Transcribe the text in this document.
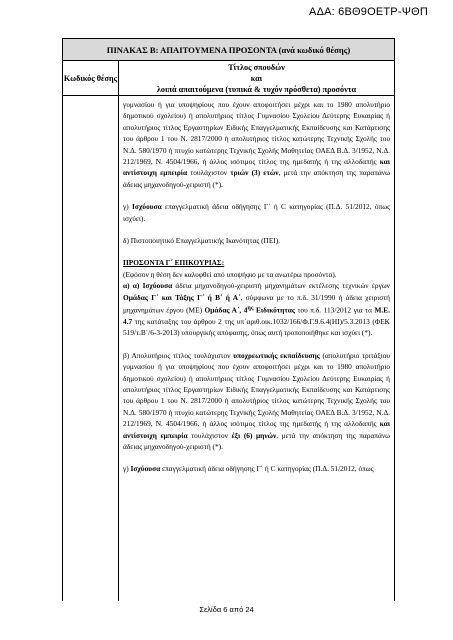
ΑΔΑ: 6ΒΘ9ΟΕΤΡ-ΨΘΠ
ΠΙΝΑΚΑΣ Β: ΑΠΑΙΤΟΥΜΕΝΑ ΠΡΟΣΟΝΤΑ (ανά κωδικό θέσης)
Κωδικός θέσης
Τίτλος σπουδών
και
λοιπά απαιτούμενα (τυπικά & τυχόν πρόσθετα) προσόντα

γυμνασίου ή για υποψηφίους που έχουν αποφοιτήσει μέχρι και το 1980 απολυτήριο δημοτικού σχολείου) ή απολυτήριος τίτλος Γυμνασίου Σχολείου Δεύτερης Ευκαιρίας ή απολυτήριος τίτλος Εργαστηρίων Ειδικής Επαγγελματικής Εκπαίδευσης και Κατάρτισης του άρθρου 1 του Ν. 2817/2000 ή απολυτήριος τίτλος κατώτερης Τεχνικής Σχολής του Ν.Δ. 580/1970 ή πτυχίο κατώτερης Τεχνικής Σχολής Μαθητείας ΟΑΕΔ Β.Δ. 3/1952, Ν.Δ. 212/1969, Ν. 4504/1966, ή άλλος ισότιμος τίτλος της ημεδαπής ή της αλλοδαπής και αντίστοιχη εμπειρία τουλάχιστον τριών (3) ετών, μετά την απόκτηση της παραπάνω άδειας μηχανοδηγού-χειριστή (*).

γ) Ισχύουσα επαγγελματική άδεια οδήγησης Γ΄ ή C κατηγορίας (Π.Δ. 51/2012, όπως ισχύει).

δ) Πιστοποιητικό Επαγγελματικής Ικανότητας (ΠΕΙ).

ΠΡΟΣΟΝΤΑ Γ΄ ΕΠΙΚΟΥΡΙΑΣ:

(Εφόσον η θέση δεν καλυφθεί από υποψήφιο με τα ανωτέρω προσόντα).

α) α) Ισχύουσα άδεια μηχανοδηγού-χειριστή μηχανημάτων εκτέλεσης τεχνικών έργων Ομάδας Γ΄ και Τάξης Γ΄ ή Β΄ ή Α΄, σύμφωνα με το π.δ. 31/1990 ή άδεια χειριστή μηχανημάτων έργου (ΜΕ) Ομάδας Α΄, $4^{\eta\varsigma}$ Ειδικότητας του π.δ. 113/2012 για τα Μ.Ε. 4.7 της κατάταξης του άρθρου 2 της υπ΄αριθ.οικ.1032/166/Φ.Γ.9.6.4(ΗΙ)/5.3.2013 (ΦΕΚ 519/τ.Β΄/6-3-2013) υπουργικής απόφασης, όπως αυτή τροποποιήθηκε και ισχύει (*).

β) Απολυτήριος τίτλος τουλάχιστον υποχρεωτικής εκπαίδευσης (απολυτήριο τριτάξιου γυμνασίου ή για υποψηφίους που έχουν αποφοιτήσει μέχρι και το 1980 απολυτήριο δημοτικού σχολείου) ή απολυτήριος τίτλος Γυμνασίου Σχολείου Δεύτερης Ευκαιρίας ή απολυτήριος τίτλος Εργαστηρίων Ειδικής Επαγγελματικής Εκπαίδευσης και Κατάρτισης του άρθρου 1 του Ν. 2817/2000 ή απολυτήριος τίτλος κατώτερης Τεχνικής Σχολής του Ν.Δ. 580/1970 ή πτυχίο κατώτερης Τεχνικής Σχολής Μαθητείας ΟΑΕΔ Β.Δ. 3/1952, Ν.Δ. 212/1969, Ν. 4504/1966, ή άλλος ισότιμος τίτλος της ημεδαπής ή της αλλοδαπής και αντίστοιχη εμπειρία τουλάχιστον έξι (6) μηνών, μετά την απόκτηση της παραπάνω άδειας μηχανοδηγού-χειριστή (*).

γ) Ισχύουσα επαγγελματική άδεια οδήγησης Γ΄ ή C κατηγορίας (Π.Δ. 51/2012, όπως

Σελίδα 6 από 24
